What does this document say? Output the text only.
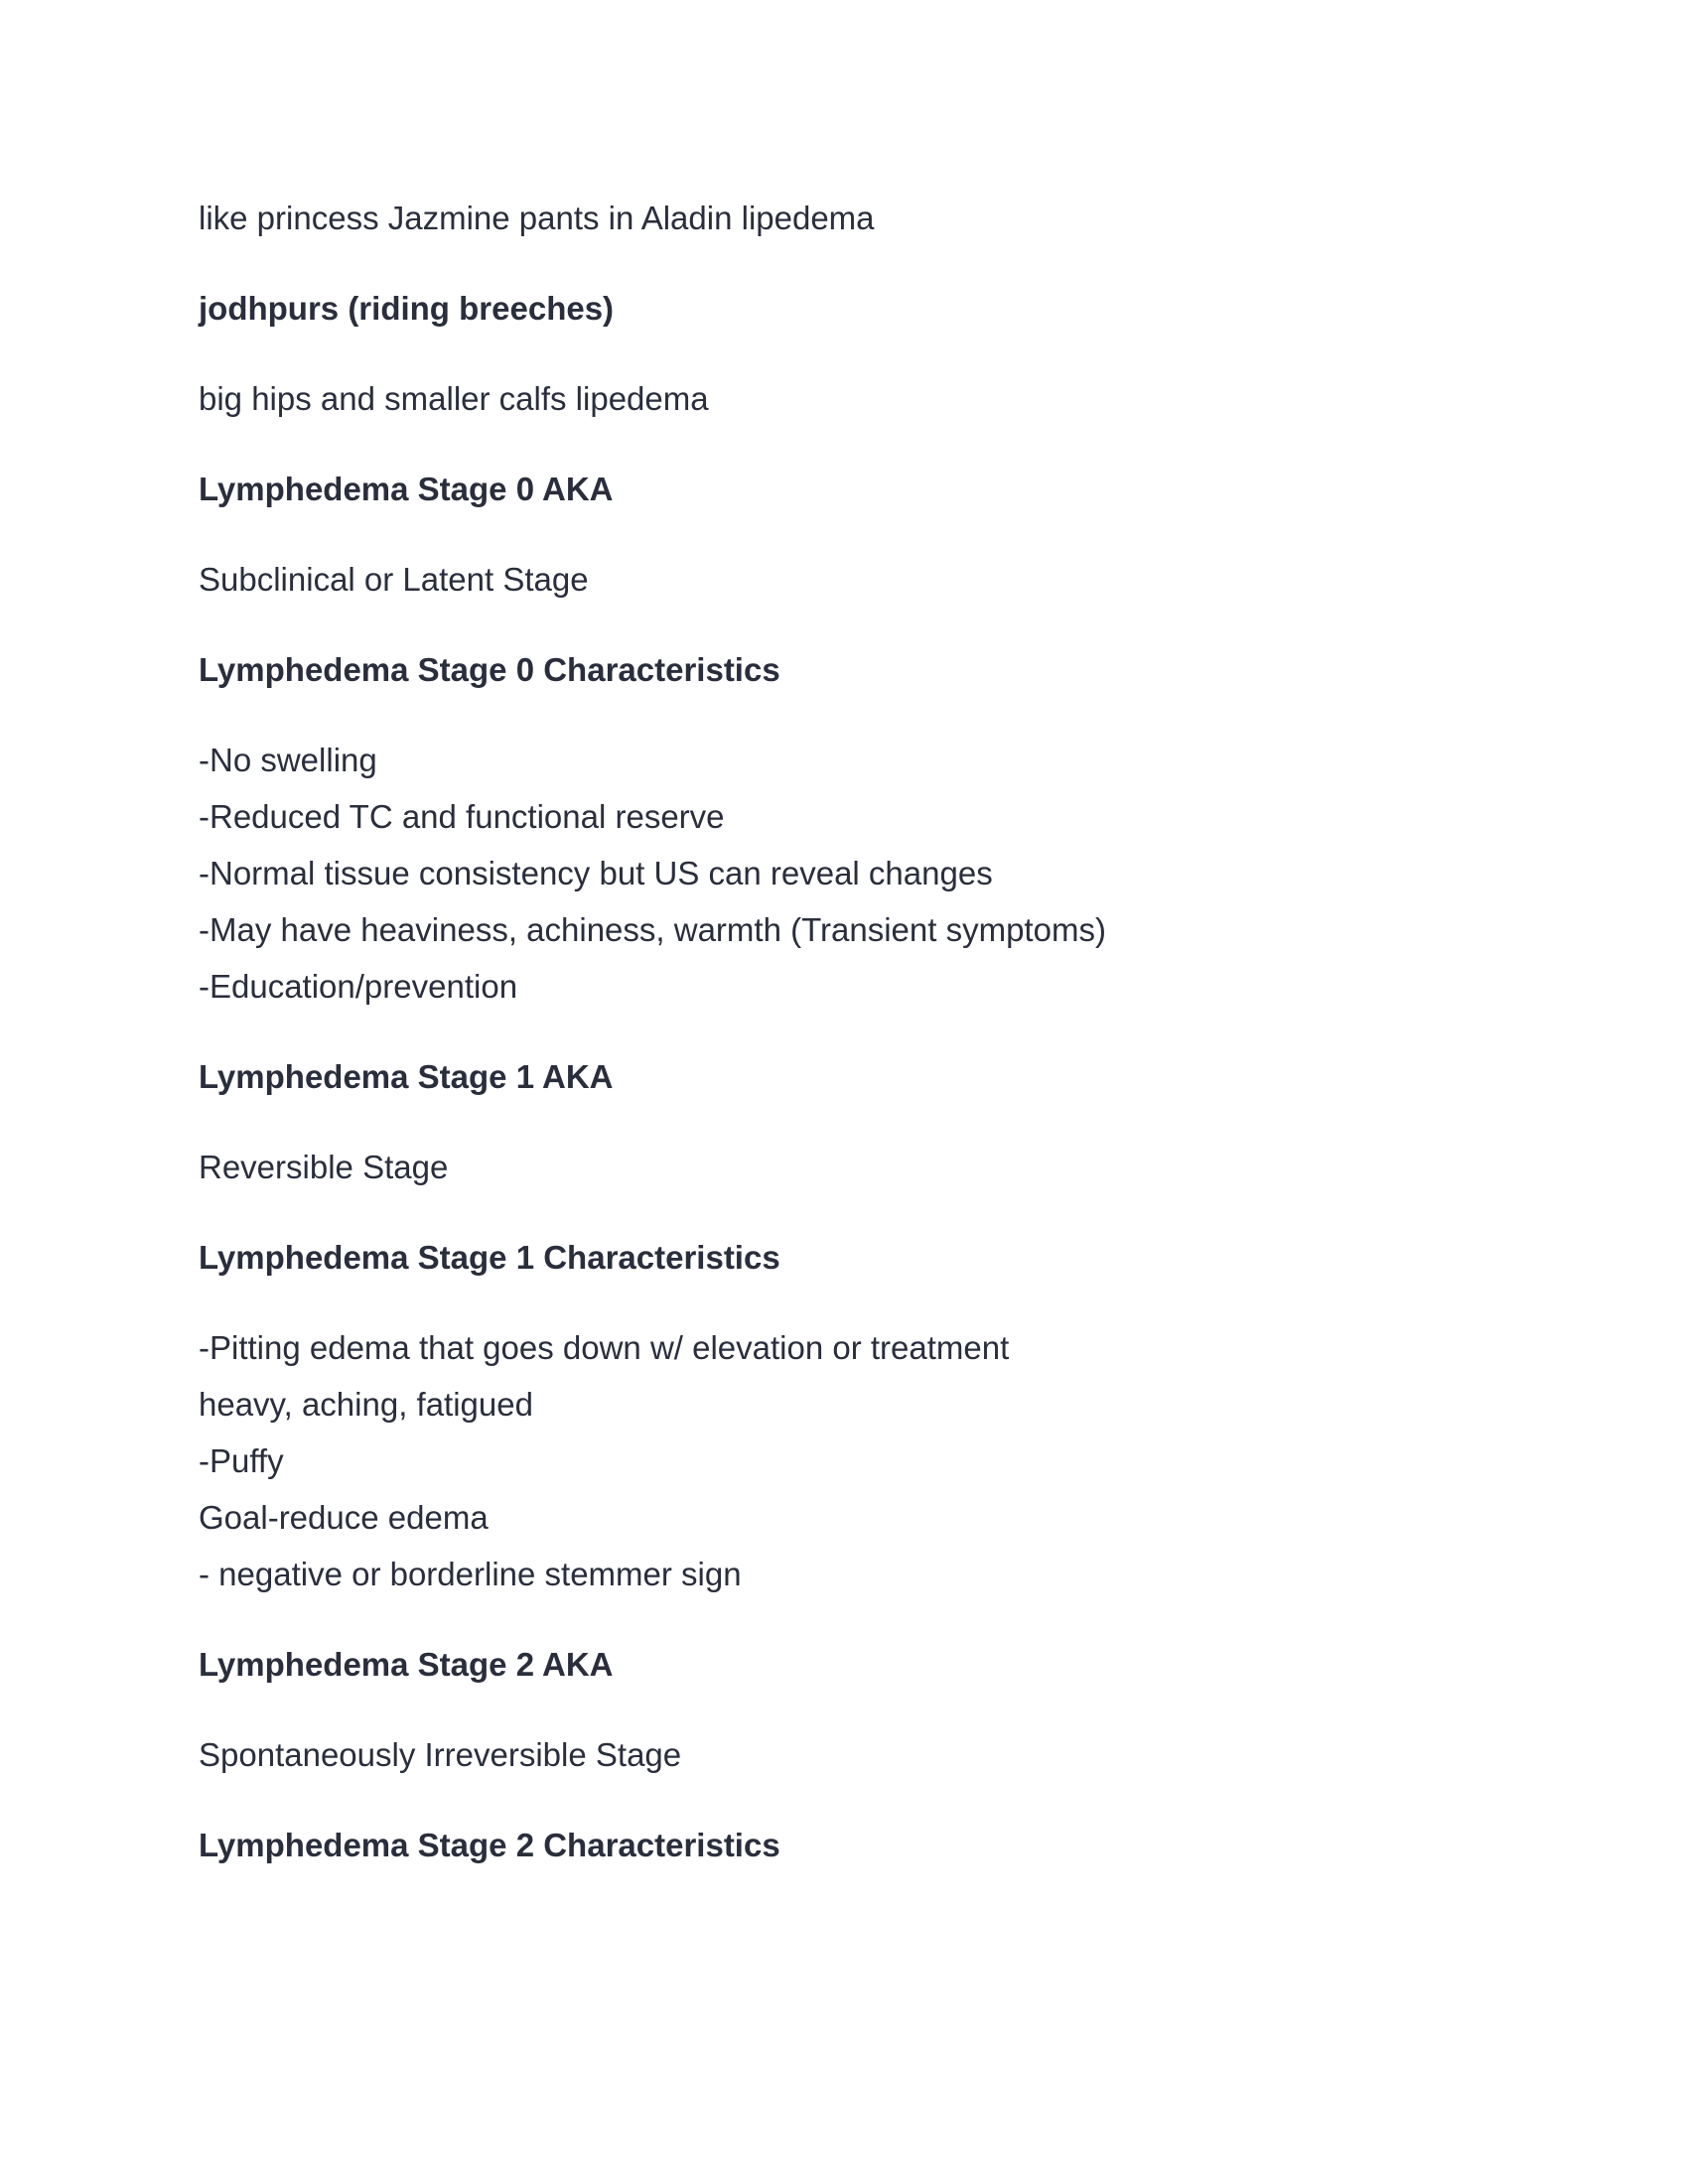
like princess Jazmine pants in Aladin lipedema
jodhpurs (riding breeches)
big hips and smaller calfs lipedema
Lymphedema Stage 0 AKA
Subclinical or Latent Stage
Lymphedema Stage 0 Characteristics
-No swelling
-Reduced TC and functional reserve
-Normal tissue consistency but US can reveal changes
-May have heaviness, achiness, warmth (Transient symptoms)
-Education/prevention
Lymphedema Stage 1 AKA
Reversible Stage
Lymphedema Stage 1 Characteristics
-Pitting edema that goes down w/ elevation or treatment
heavy, aching, fatigued
-Puffy
Goal-reduce edema
- negative or borderline stemmer sign
Lymphedema Stage 2 AKA
Spontaneously Irreversible Stage
Lymphedema Stage 2 Characteristics
